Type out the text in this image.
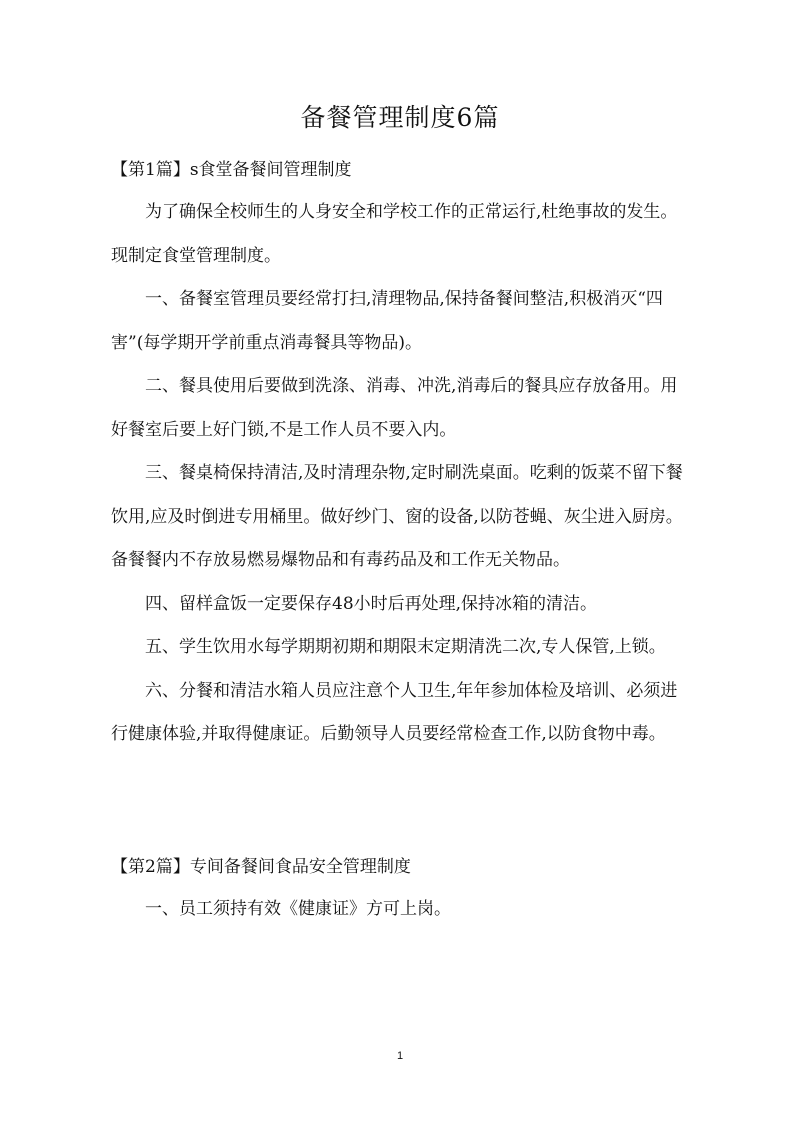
备餐管理制度6篇

【第1篇】s食堂备餐间管理制度

为了确保全校师生的人身安全和学校工作的正常运行,杜绝事故的发生。现制定食堂管理制度。

一、备餐室管理员要经常打扫,清理物品,保持备餐间整洁,积极消灭“四害”(每学期开学前重点消毒餐具等物品)。

二、餐具使用后要做到洗涤、消毒、冲洗,消毒后的餐具应存放备用。用好餐室后要上好门锁,不是工作人员不要入内。

三、餐桌椅保持清洁,及时清理杂物,定时刷洗桌面。吃剩的饭菜不留下餐饮用,应及时倒进专用桶里。做好纱门、窗的设备,以防苍蝇、灰尘进入厨房。备餐餐内不存放易燃易爆物品和有毒药品及和工作无关物品。

四、留样盒饭一定要保存48小时后再处理,保持冰箱的清洁。

五、学生饮用水每学期期初期和期限末定期清洗二次,专人保管,上锁。

六、分餐和清洁水箱人员应注意个人卫生,年年参加体检及培训、必须进行健康体验,并取得健康证。后勤领导人员要经常检查工作,以防食物中毒。

【第2篇】专间备餐间食品安全管理制度

一、员工须持有效《健康证》方可上岗。

1
